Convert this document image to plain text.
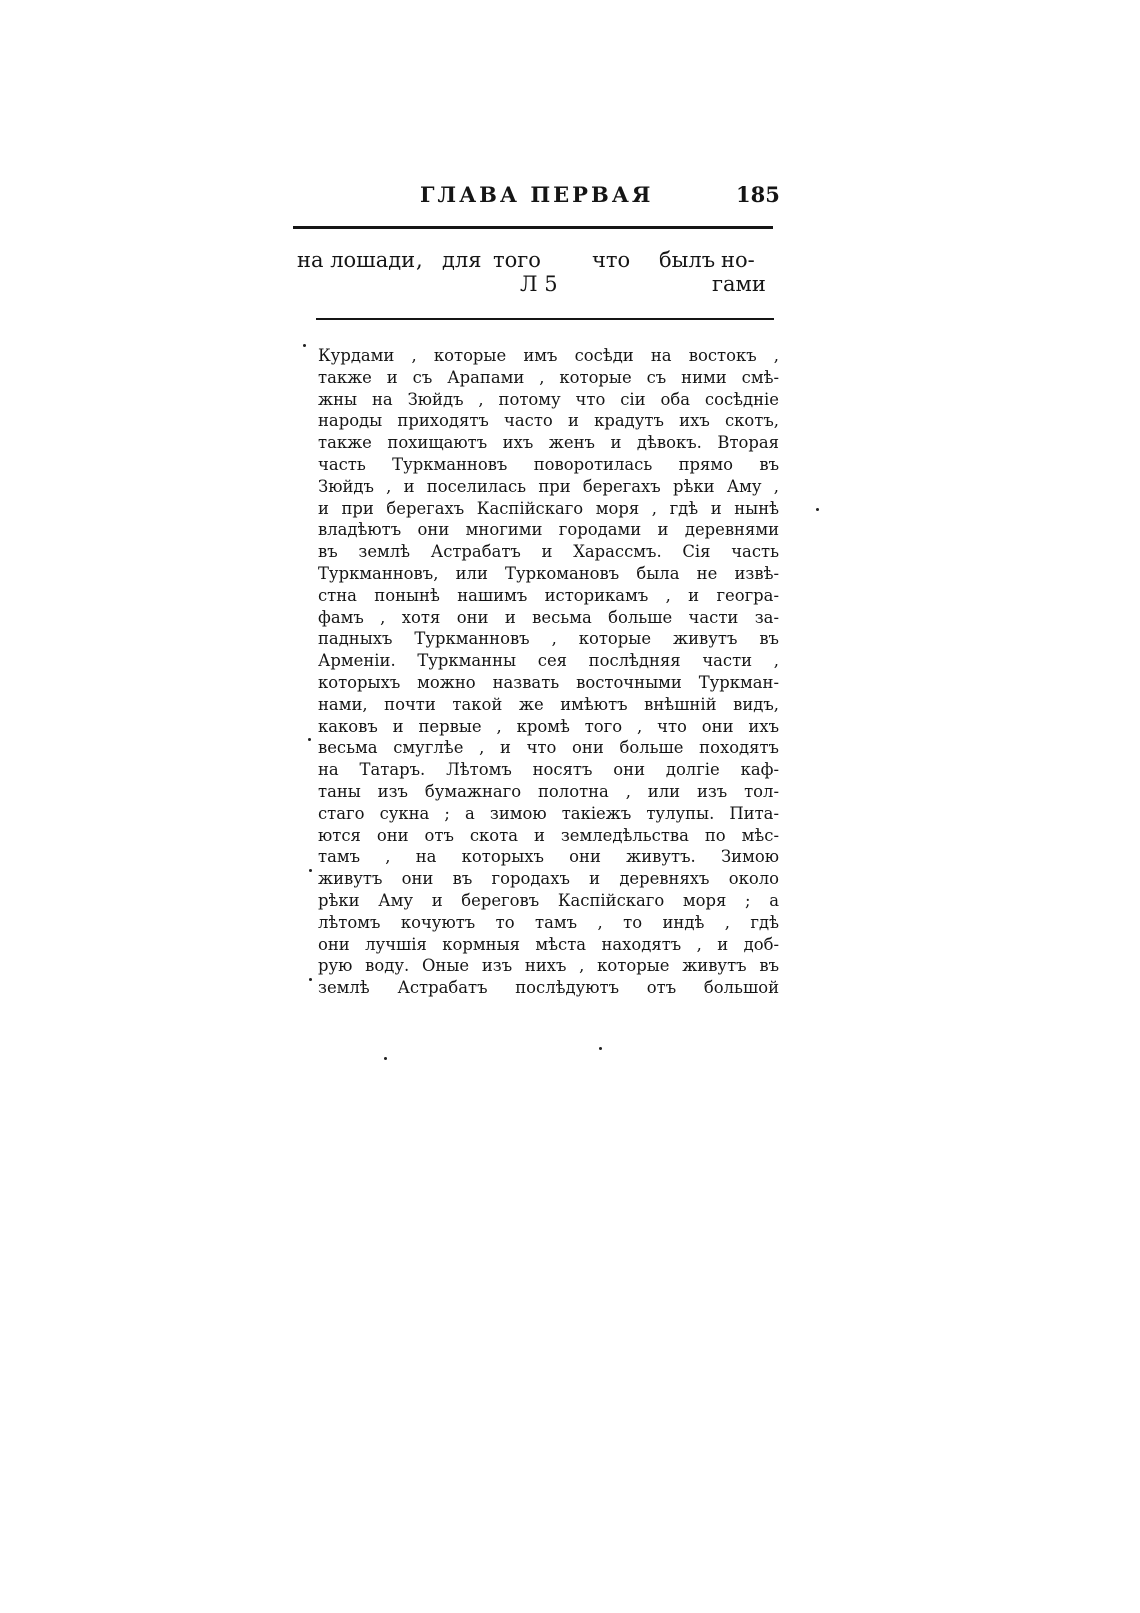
ГЛАВА ПЕРВАЯ	185
на лошади , для того что былъ но-
Л 5	гами
Курдами , которые имъ сосѣди на востокъ ,
также и съ Арапами , которые съ ними смѣ-
жны на Зюйдъ , потому что сіи оба сосѣдніе
народы приходятъ часто и крадутъ ихъ скотъ,
также похищаютъ ихъ женъ и дѣвокъ. Вторая
часть Туркманновъ поворотилась прямо въ
Зюйдъ , и поселилась при берегахъ рѣки Аму ,
и при берегахъ Каспійскаго моря , гдѣ и нынѣ
владѣютъ они многими городами и деревнями
въ землѣ Астрабатъ и Харассмъ. Сія часть
Туркманновъ, или Туркомановъ была не извѣ-
стна понынѣ нашимъ историкамъ , и геогра-
фамъ , хотя они и весьма больше части за-
падныхъ Туркманновъ , которые живутъ въ
Арменіи. Туркманны сея послѣдняя части ,
которыхъ можно назвать восточными Туркман-
нами, почти такой же имѣютъ внѣшній видъ,
каковъ и первые , кромѣ того , что они ихъ
весьма смуглѣе , и что они больше походятъ
на Татаръ. Лѣтомъ носятъ они долгіе каф-
таны изъ бумажнаго полотна , или изъ тол-
стаго сукна ; а зимою такіежъ тулупы. Пита-
ются они отъ скота и земледѣльства по мѣс-
тамъ , на которыхъ они живутъ. Зимою
живутъ они въ городахъ и деревняхъ около
рѣки Аму и береговъ Каспійскаго моря ; а
лѣтомъ кочуютъ то тамъ , то индѣ , гдѣ
они лучшія кормныя мѣста находятъ , и доб-
рую воду. Оные изъ нихъ , которые живутъ въ
землѣ Астрабатъ послѣдуютъ отъ большой
